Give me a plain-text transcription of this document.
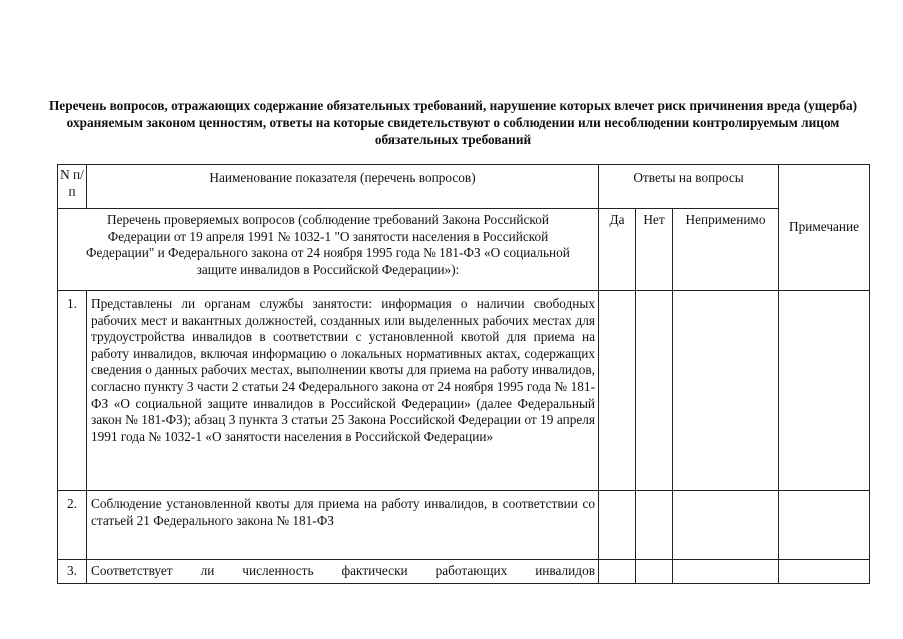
Перечень вопросов, отражающих содержание обязательных требований, нарушение которых влечет риск причинения вреда (ущерба) охраняемым законом ценностям, ответы на которые свидетельствуют о соблюдении или несоблюдении контролируемым лицом обязательных требований
N п/п	Наименование показателя (перечень вопросов)	Ответы на вопросы			Примечание
Перечень проверяемых вопросов (соблюдение требований Закона Российской Федерации от 19 апреля 1991 № 1032-1 "О занятости населения в Российской Федерации" и Федерального закона от 24 ноября 1995 года № 181-ФЗ «О социальной защите инвалидов в Российской Федерации»):		Да	Нет	Неприменимо	
1.	Представлены ли органам службы занятости: информация о наличии свободных рабочих мест и вакантных должностей, созданных или выделенных рабочих местах для трудоустройства инвалидов в соответствии с установленной квотой для приема на работу инвалидов, включая информацию о локальных нормативных актах, содержащих сведения о данных рабочих местах, выполнении квоты для приема на работу инвалидов, согласно пункту 3 части 2 статьи 24 Федерального закона от 24 ноября 1995 года № 181-ФЗ «О социальной защите инвалидов в Российской Федерации» (далее Федеральный закон № 181-ФЗ); абзац 3 пункта 3 статьи 25 Закона Российской Федерации от 19 апреля 1991 года № 1032-1 «О занятости населения в Российской Федерации»				
2.	Соблюдение установленной квоты для приема на работу инвалидов, в соответствии со статьей 21 Федерального закона № 181-ФЗ				
3.	Соответствует ли численность фактически работающих инвалидов				
